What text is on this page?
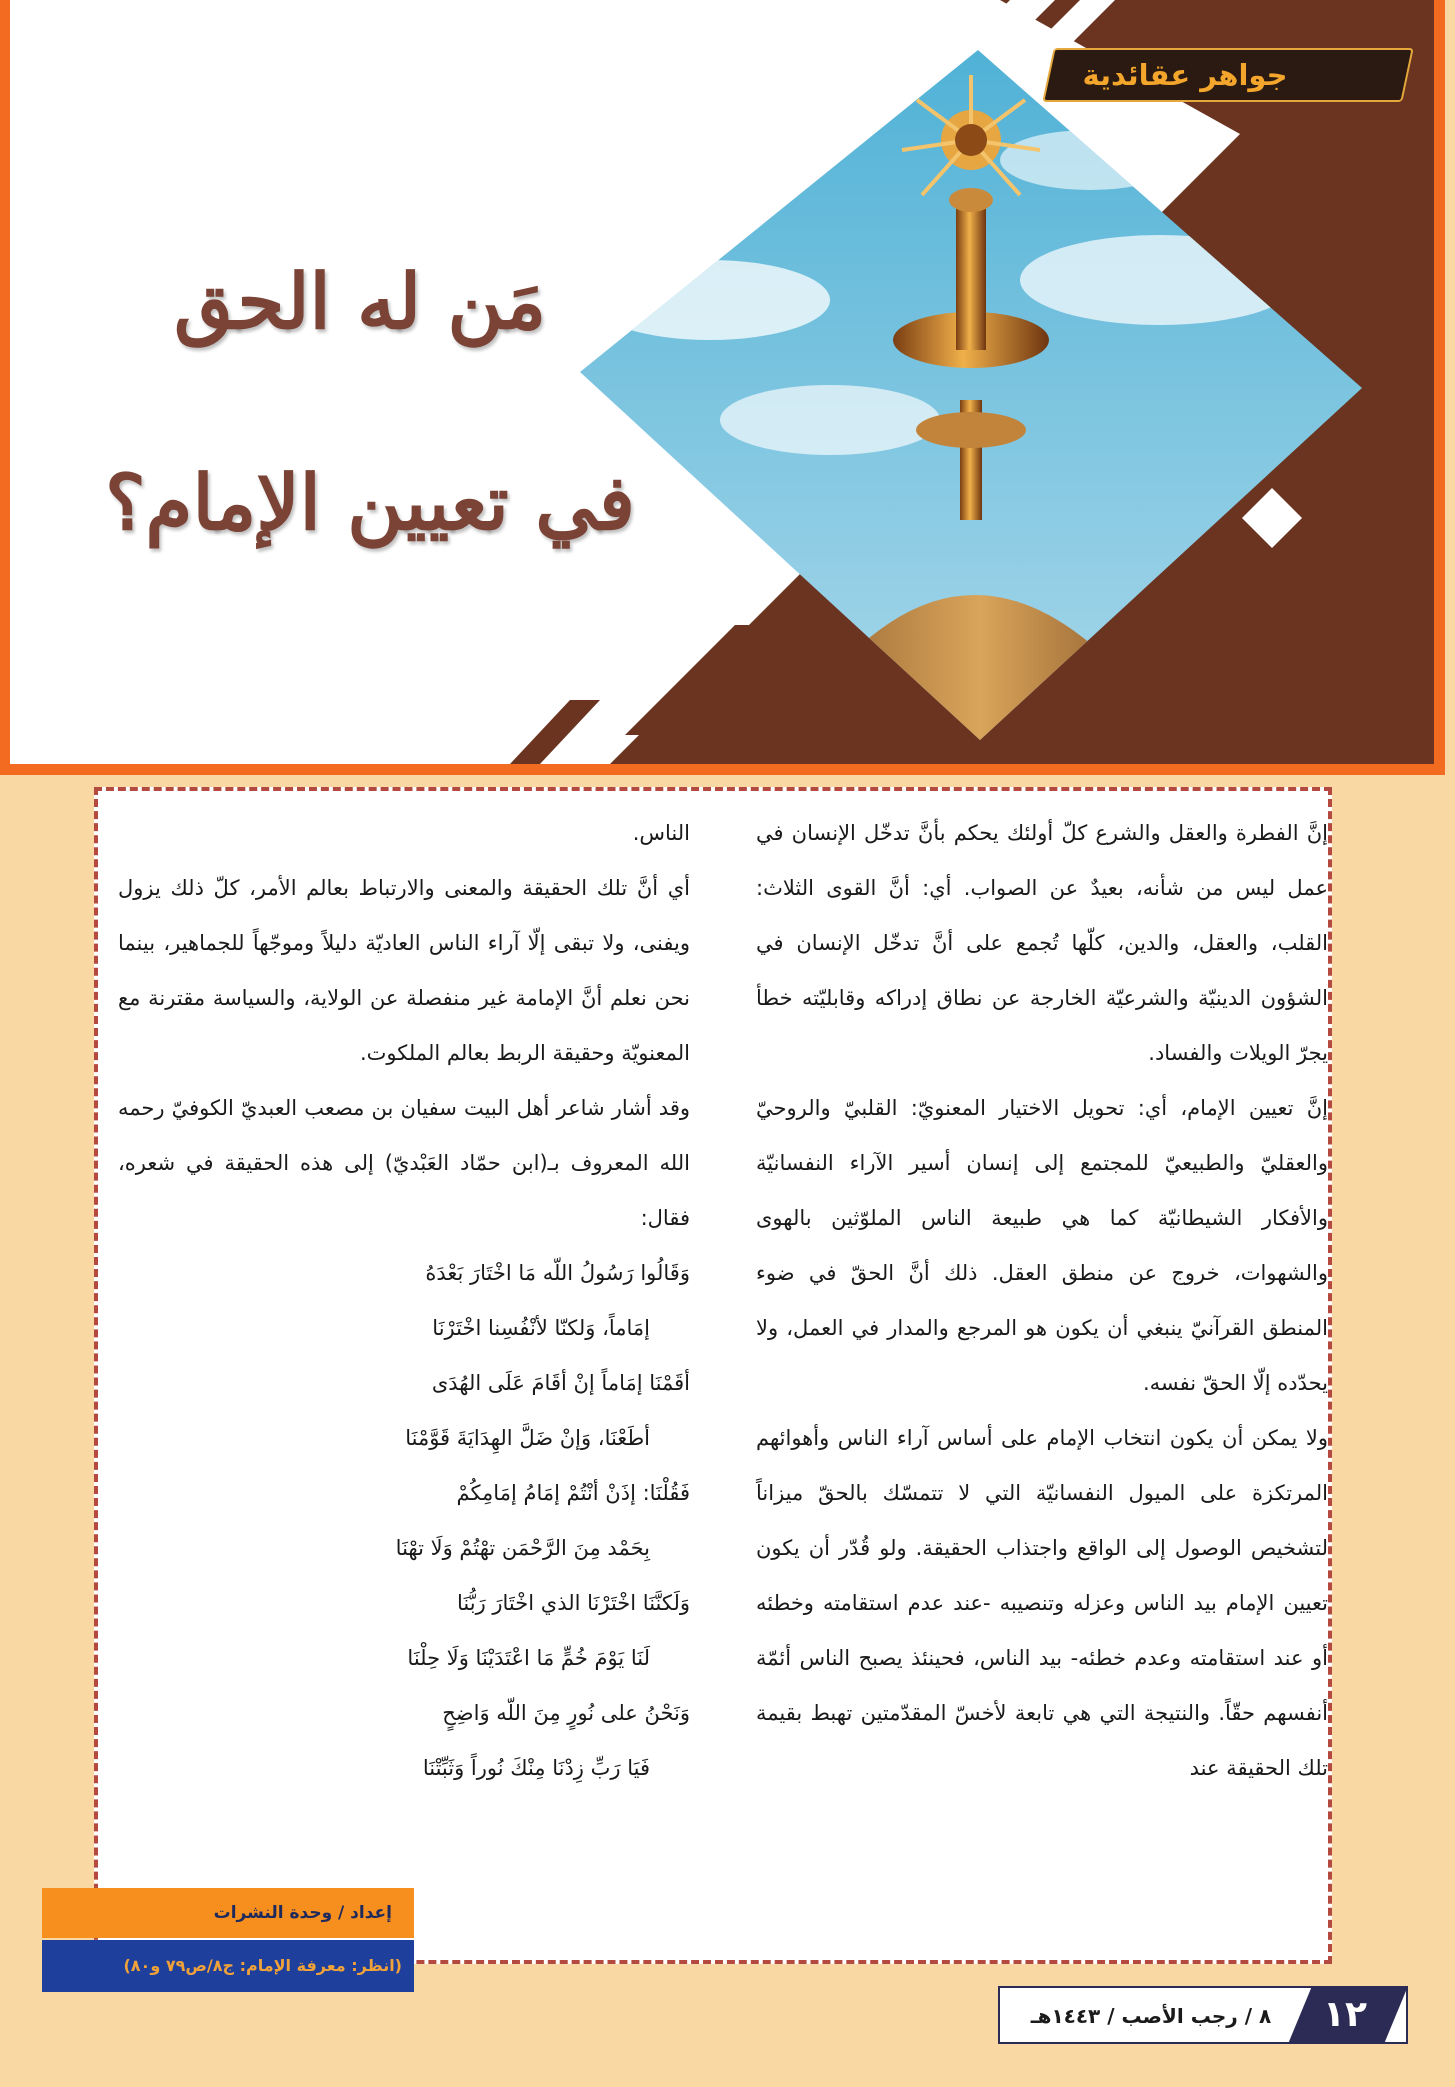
جواهر عقائدية
مَن له الحق
في تعيين الإمام؟

إنَّ الفطرة والعقل والشرع كلّ أولئك يحكم بأنَّ تدخّل الإنسان في عمل ليس من شأنه، بعيدٌ عن الصواب. أي: أنَّ القوى الثلاث: القلب، والعقل، والدين، كلّها تُجمع على أنَّ تدخّل الإنسان في الشؤون الدينيّة والشرعيّة الخارجة عن نطاق إدراكه وقابليّته خطأ يجرّ الويلات والفساد.

إنَّ تعيين الإمام، أي: تحويل الاختيار المعنويّ: القلبيّ والروحيّ والعقليّ والطبيعيّ للمجتمع إلى إنسان أسير الآراء النفسانيّة والأفكار الشيطانيّة كما هي طبيعة الناس الملوّثين بالهوى والشهوات، خروج عن منطق العقل. ذلك أنَّ الحقّ في ضوء المنطق القرآنيّ ينبغي أن يكون هو المرجع والمدار في العمل، ولا يحدّده إلّا الحقّ نفسه.

ولا يمكن أن يكون انتخاب الإمام على أساس آراء الناس وأهوائهم المرتكزة على الميول النفسانيّة التي لا تتمسّك بالحقّ ميزاناً لتشخيص الوصول إلى الواقع واجتذاب الحقيقة. ولو قُدّر أن يكون تعيين الإمام بيد الناس وعزله وتنصيبه -عند عدم استقامته وخطئه أو عند استقامته وعدم خطئه- بيد الناس، فحينئذ يصبح الناس أئمّة أنفسهم حقّاً. والنتيجة التي هي تابعة لأخسّ المقدّمتين تهبط بقيمة تلك الحقيقة عند

الناس.

أي أنَّ تلك الحقيقة والمعنى والارتباط بعالم الأمر، كلّ ذلك يزول ويفنى، ولا تبقى إلّا آراء الناس العاديّة دليلاً وموجّهاً للجماهير، بينما نحن نعلم أنَّ الإمامة غير منفصلة عن الولاية، والسياسة مقترنة مع المعنويّة وحقيقة الربط بعالم الملكوت.

وقد أشار شاعر أهل البيت سفيان بن مصعب العبديّ الكوفيّ رحمه الله المعروف بـ(ابن حمّاد العَبْديّ) إلى هذه الحقيقة في شعره، فقال:

وَقَالُوا رَسُولُ اللّه مَا اخْتَارَ بَعْدَهُ

إمَاماً، وَلكنّا لأنْفُسِنا اخْتَرْنَا

أقَمْنَا إمَاماً إنْ أقَامَ عَلَى الهُدَى

أطَعْنَا، وَإنْ ضَلَّ الهِدَايَةَ قَوَّمْنَا

فَقُلْنَا: إذَنْ أنْتُمْ إمَامُ إمَامِكُمْ

بِحَمْد مِنَ الرَّحْمَن تهْتُمْ وَلَا تهْنَا

وَلَكنَّنَا اخْتَرْنَا الذي اخْتَارَ رَبُّنَا

لَنَا يَوْمَ خُمٍّ مَا اعْتَدَيْنَا وَلَا حِلْنَا

وَنَحْنُ على نُورٍ مِنَ اللّه وَاضِحٍ

فَيَا رَبِّ زِدْنَا مِنْكَ نُوراً وَثَبِّتْنَا

إعداد / وحدة النشرات
(انظر: معرفة الإمام: ج٨/ص٧٩ و٨٠)
١٢
٨ / رجب الأصب / ١٤٤٣هـ
